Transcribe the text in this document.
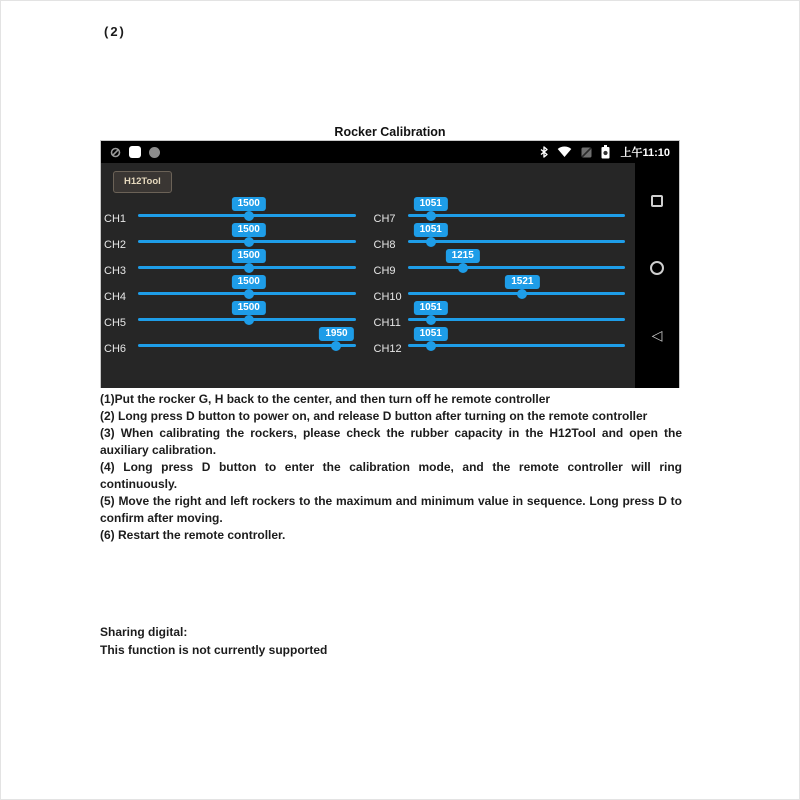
(2)
Rocker Calibration
上午11:10
H12Tool
CH1
1500
CH2
1500
CH3
1500
CH4
1500
CH5
1500
CH6
1950
CH7
1051
CH8
1051
CH9
1215
CH10
1521
CH11
1051
CH12
1051	◁

(1)Put the rocker G, H back to the center, and then turn off he remote controller

(2) Long press D button to power on, and release D button after turning on the remote controller

(3) When calibrating the rockers, please check the rubber capacity in the H12Tool and open the auxiliary calibration.

(4) Long press D button to enter the calibration mode, and the remote controller will ring continuously.

(5) Move the right and left rockers to the maximum and minimum value in sequence. Long press D to confirm after moving.

(6) Restart the remote controller.

Sharing digital:
This function is not currently supported
